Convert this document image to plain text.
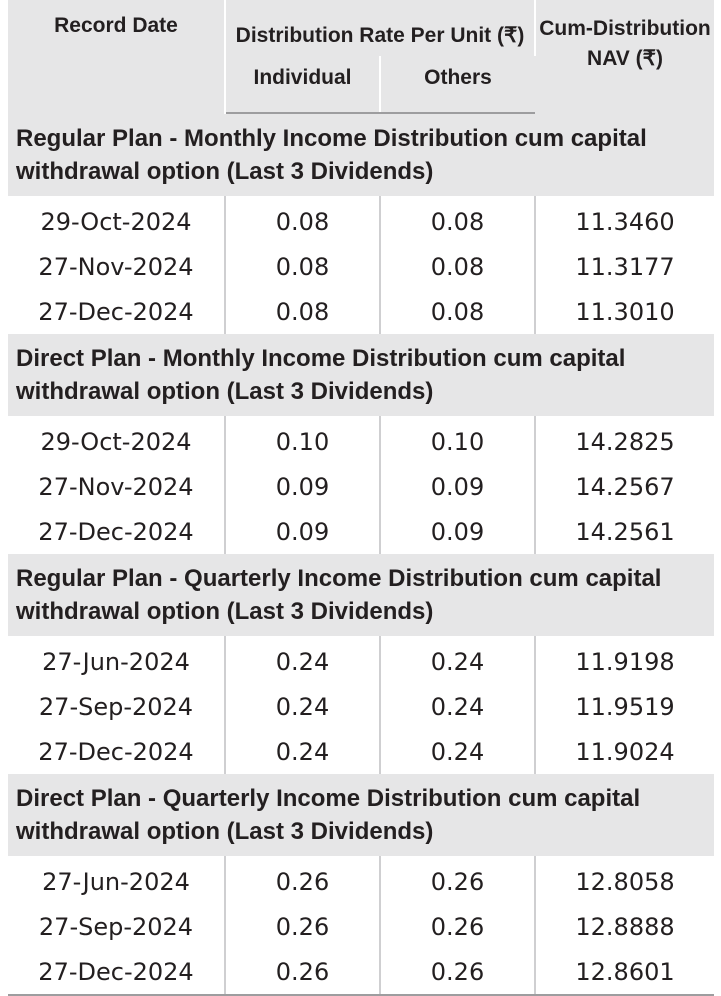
Record Date	Distribution Rate Per Unit (₹)		Cum-Distribution NAV (₹)
	Individual	Others	
Regular Plan - Monthly Income Distribution cum capital withdrawal option (Last 3 Dividends)			
29-Oct-2024	0.08	0.08	11.3460
27-Nov-2024	0.08	0.08	11.3177
27-Dec-2024	0.08	0.08	11.3010
Direct Plan - Monthly Income Distribution cum capital withdrawal option (Last 3 Dividends)			
29-Oct-2024	0.10	0.10	14.2825
27-Nov-2024	0.09	0.09	14.2567
27-Dec-2024	0.09	0.09	14.2561
Regular Plan - Quarterly Income Distribution cum capital withdrawal option (Last 3 Dividends)			
27-Jun-2024	0.24	0.24	11.9198
27-Sep-2024	0.24	0.24	11.9519
27-Dec-2024	0.24	0.24	11.9024
Direct Plan - Quarterly Income Distribution cum capital withdrawal option (Last 3 Dividends)			
27-Jun-2024	0.26	0.26	12.8058
27-Sep-2024	0.26	0.26	12.8888
27-Dec-2024	0.26	0.26	12.8601
